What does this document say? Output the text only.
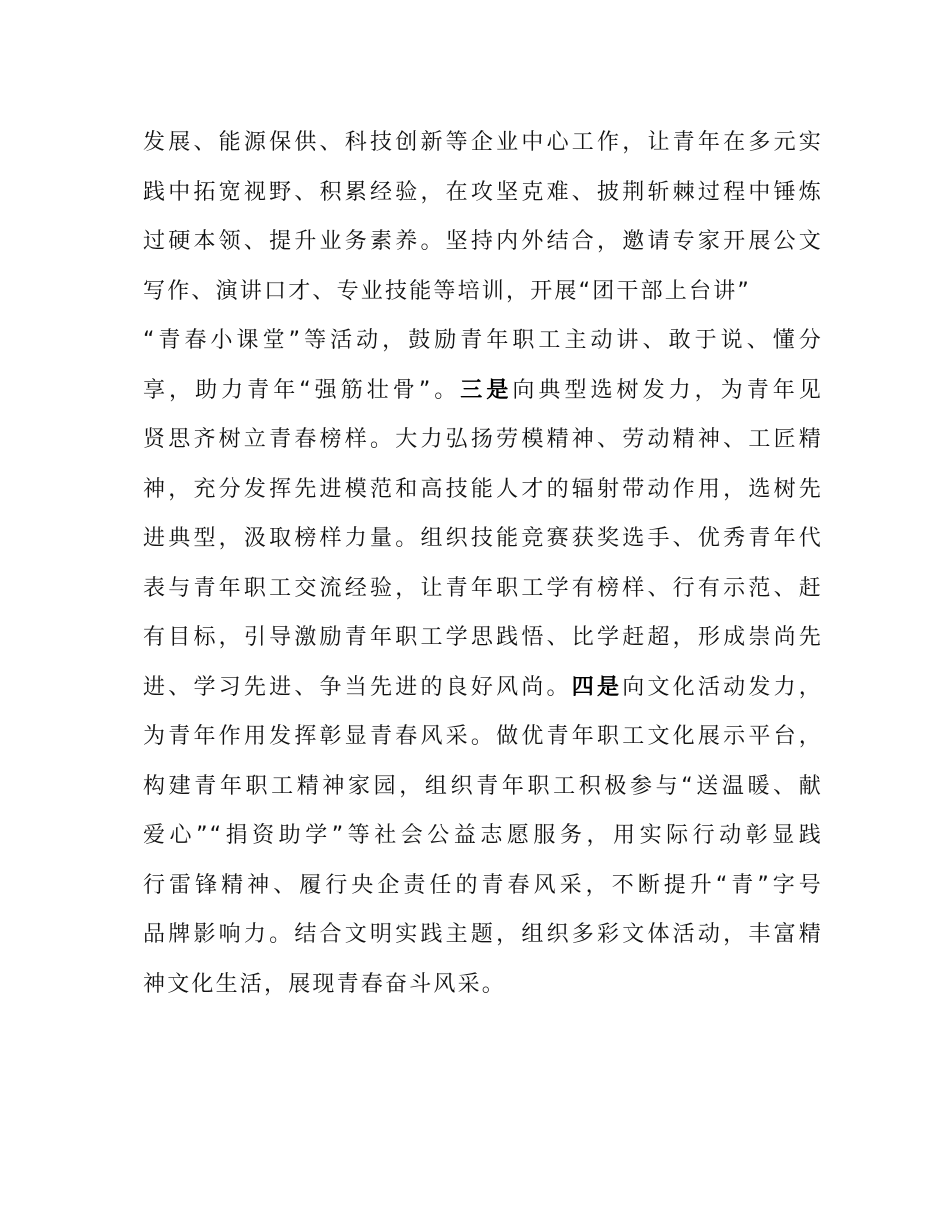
发展、能源保供、科技创新等企业中心工作，让青年在多元实
践中拓宽视野、积累经验，在攻坚克难、披荆斩棘过程中锤炼
过硬本领、提升业务素养。坚持内外结合，邀请专家开展公文
写作、演讲口才、专业技能等培训，开展“团干部上台讲”
“青春小课堂”等活动，鼓励青年职工主动讲、敢于说、懂分
享，助力青年“强筋壮骨”。三是向典型选树发力，为青年见
贤思齐树立青春榜样。大力弘扬劳模精神、劳动精神、工匠精
神，充分发挥先进模范和高技能人才的辐射带动作用，选树先
进典型，汲取榜样力量。组织技能竞赛获奖选手、优秀青年代
表与青年职工交流经验，让青年职工学有榜样、行有示范、赶
有目标，引导激励青年职工学思践悟、比学赶超，形成崇尚先
进、学习先进、争当先进的良好风尚。四是向文化活动发力，
为青年作用发挥彰显青春风采。做优青年职工文化展示平台，
构建青年职工精神家园，组织青年职工积极参与“送温暖、献
爱心”“捐资助学”等社会公益志愿服务，用实际行动彰显践
行雷锋精神、履行央企责任的青春风采，不断提升“青”字号
品牌影响力。结合文明实践主题，组织多彩文体活动，丰富精
神文化生活，展现青春奋斗风采。
